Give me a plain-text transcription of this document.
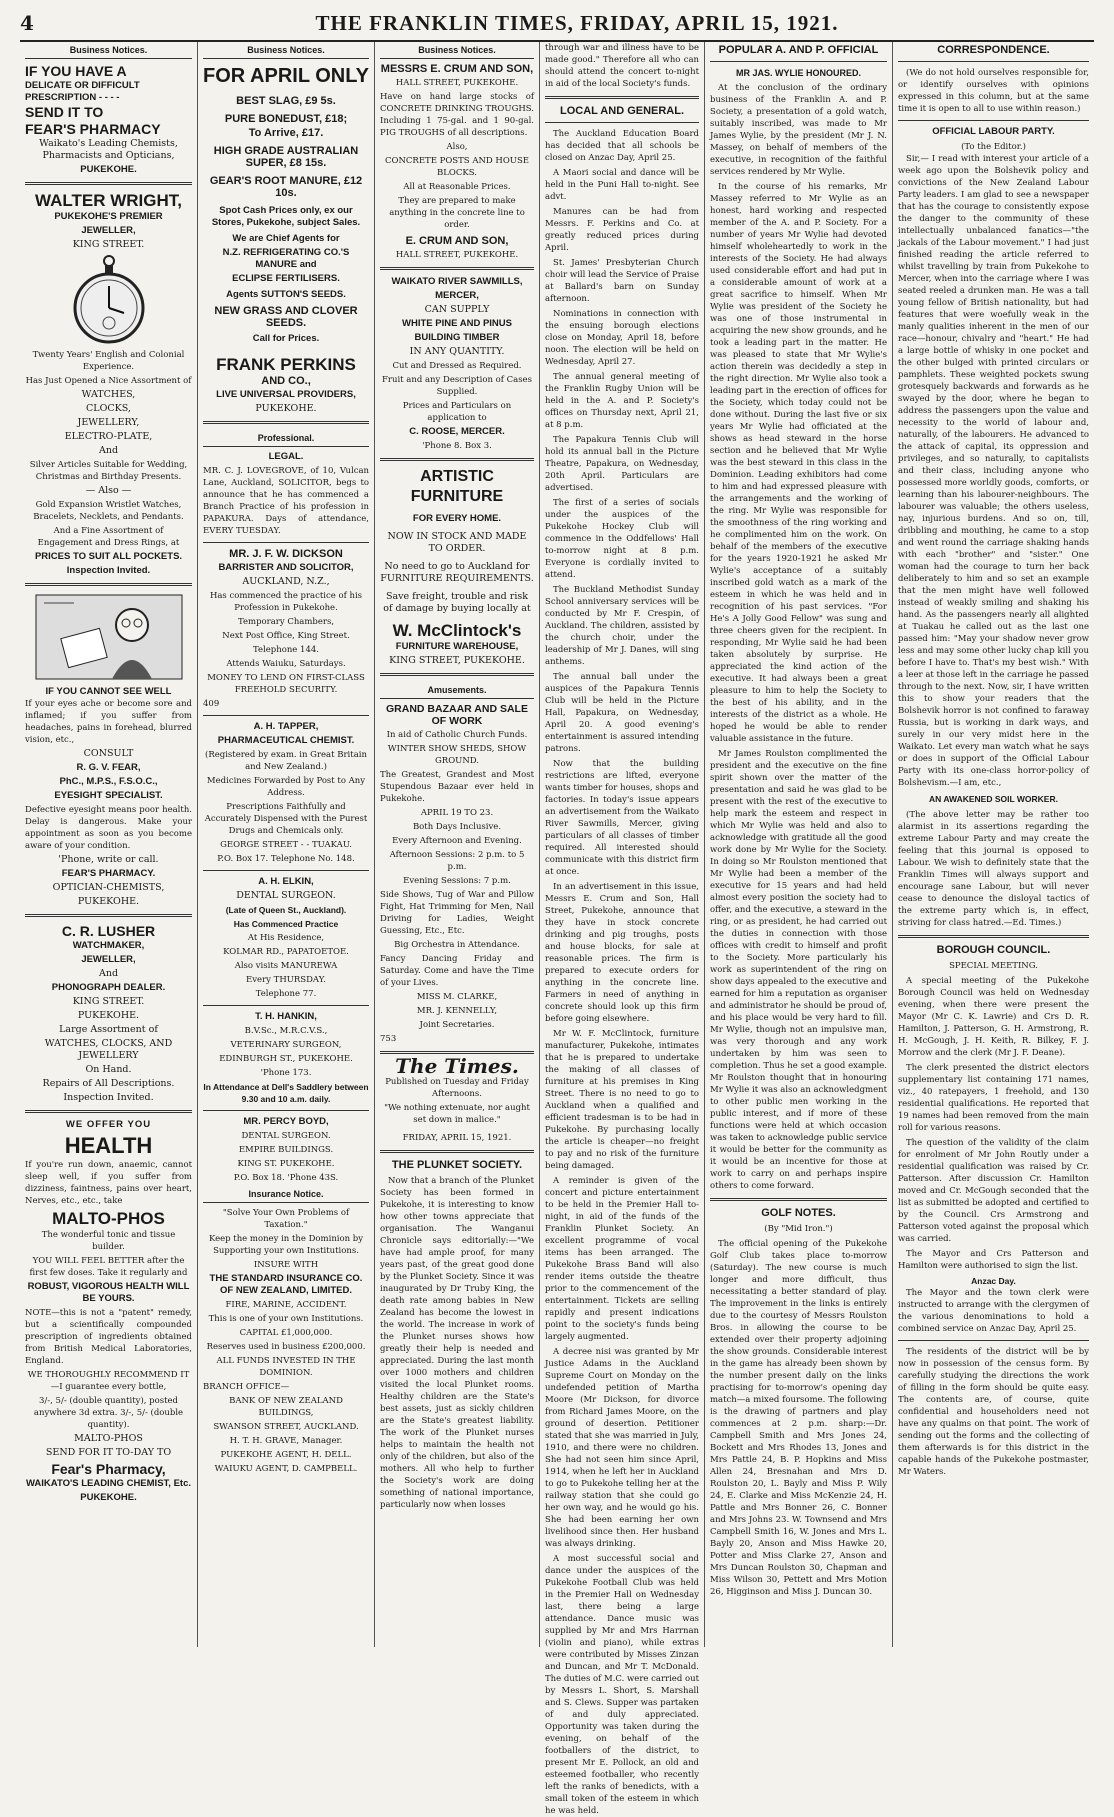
4	THE FRANKLIN TIMES, FRIDAY, APRIL 15, 1921.
Business Notices.
IF YOU HAVE A
DELICATE OR DIFFICULT
PRESCRIPTION - - - -
SEND IT TO
FEAR'S PHARMACY

Waikato's Leading Chemists, Pharmacists and Opticians,

PUKEKOHE.

WALTER WRIGHT,

PUKEKOHE'S PREMIER

JEWELLER,

KING STREET.

Twenty Years' English and Colonial Experience.

Has Just Opened a Nice Assortment of

WATCHES,

CLOCKS,

JEWELLERY,

ELECTRO-PLATE,

And

Silver Articles Suitable for Wedding, Christmas and Birthday Presents.

— Also —

Gold Expansion Wristlet Watches, Bracelets, Necklets, and Pendants.

And a Fine Assortment of Engagement and Dress Rings, at

PRICES TO SUIT ALL POCKETS.

Inspection Invited.

IF YOU CANNOT SEE WELL

If your eyes ache or become sore and inflamed; if you suffer from headaches, pains in forehead, blurred vision, etc.,

CONSULT

R. G. V. FEAR,

PhC., M.P.S., F.S.O.C.,

EYESIGHT SPECIALIST.

Defective eyesight means poor health. Delay is dangerous. Make your appointment as soon as you become aware of your condition.

'Phone, write or call.

FEAR'S PHARMACY.

OPTICIAN-CHEMISTS,

PUKEKOHE.

C. R. LUSHER

WATCHMAKER,

JEWELLER,

And

PHONOGRAPH DEALER.

KING STREET.

PUKEKOHE.

Large Assortment of

WATCHES, CLOCKS, AND JEWELLERY

On Hand.

Repairs of All Descriptions.

Inspection Invited.

WE OFFER YOU

HEALTH

If you're run down, anaemic, cannot sleep well, if you suffer from dizziness, faintness, pains over heart, Nerves, etc., etc., take

MALTO-PHOS

The wonderful tonic and tissue builder.

YOU WILL FEEL BETTER after the first few doses. Take it regularly and

ROBUST, VIGOROUS HEALTH WILL BE YOURS.

NOTE—this is not a "patent" remedy, but a scientifically compounded prescription of ingredients obtained from British Medical Laboratories, England.

WE THOROUGHLY RECOMMEND IT—I guarantee every bottle,

3/-, 5/- (double quantity), posted anywhere 3d extra. 3/-, 5/- (double quantity).

MALTO-PHOS

SEND FOR IT TO-DAY TO

Fear's Pharmacy,

WAIKATO'S LEADING CHEMIST, Etc.

PUKEKOHE.

Business Notices.
FOR APRIL ONLY

BEST SLAG, £9 5s.

PURE BONEDUST, £18;

To Arrive, £17.

HIGH GRADE AUSTRALIAN SUPER, £8 15s.

GEAR'S ROOT MANURE, £12 10s.

Spot Cash Prices only, ex our Stores, Pukekohe, subject Sales.

We are Chief Agents for

N.Z. REFRIGERATING CO.'S MANURE and

ECLIPSE FERTILISERS.

Agents SUTTON'S SEEDS.

NEW GRASS AND CLOVER SEEDS.

Call for Prices.

FRANK PERKINS

AND CO.,

LIVE UNIVERSAL PROVIDERS,

PUKEKOHE.

Professional.

LEGAL.

MR. C. J. LOVEGROVE, of 10, Vulcan Lane, Auckland, SOLICITOR, begs to announce that he has commenced a Branch Practice of his profession in PAPAKURA. Days of attendance, EVERY TUESDAY.

MR. J. F. W. DICKSON

BARRISTER AND SOLICITOR,

AUCKLAND, N.Z.,

Has commenced the practice of his Profession in Pukekohe.

Temporary Chambers,

Next Post Office, King Street.

Telephone 144.

Attends Waiuku, Saturdays.

MONEY TO LEND ON FIRST-CLASS FREEHOLD SECURITY.

409

A. H. TAPPER,

PHARMACEUTICAL CHEMIST.

(Registered by exam. in Great Britain and New Zealand.)

Medicines Forwarded by Post to Any Address.

Prescriptions Faithfully and Accurately Dispensed with the Purest Drugs and Chemicals only.

GEORGE STREET - - TUAKAU.

P.O. Box 17. Telephone No. 148.

A. H. ELKIN,

DENTAL SURGEON.

(Late of Queen St., Auckland).

Has Commenced Practice

At His Residence,

KOLMAR RD., PAPATOETOE.

Also visits MANUREWA

Every THURSDAY.

Telephone 77.

T. H. HANKIN,

B.V.Sc., M.R.C.V.S.,

VETERINARY SURGEON,

EDINBURGH ST., PUKEKOHE.

'Phone 173.

In Attendance at Dell's Saddlery between 9.30 and 10 a.m. daily.

MR. PERCY BOYD,

DENTAL SURGEON.

EMPIRE BUILDINGS.

KING ST. PUKEKOHE.

P.O. Box 18. 'Phone 43S.

Insurance Notice.

"Solve Your Own Problems of Taxation."

Keep the money in the Dominion by Supporting your own Institutions.

INSURE WITH

THE STANDARD INSURANCE CO. OF NEW ZEALAND, LIMITED.

FIRE, MARINE, ACCIDENT.

This is one of your own Institutions.

CAPITAL £1,000,000.

Reserves used in business £200,000.

ALL FUNDS INVESTED IN THE DOMINION.

BRANCH OFFICE—

BANK OF NEW ZEALAND BUILDINGS,

SWANSON STREET, AUCKLAND.

H. T. H. GRAVE, Manager.

PUKEKOHE AGENT, H. DELL.

WAIUKU AGENT, D. CAMPBELL.

Business Notices.

MESSRS E. CRUM AND SON,

HALL STREET, PUKEKOHE.

Have on hand large stocks of CONCRETE DRINKING TROUGHS. Including 1 75-gal. and 1 90-gal. PIG TROUGHS of all descriptions.

Also,

CONCRETE POSTS AND HOUSE BLOCKS.

All at Reasonable Prices.

They are prepared to make anything in the concrete line to order.

E. CRUM AND SON,

HALL STREET, PUKEKOHE.

WAIKATO RIVER SAWMILLS,

MERCER,

CAN SUPPLY

WHITE PINE AND PINUS

BUILDING TIMBER

IN ANY QUANTITY.

Cut and Dressed as Required.

Fruit and any Description of Cases Supplied.

Prices and Particulars on application to

C. ROOSE, MERCER.

'Phone 8. Box 3.

ARTISTIC FURNITURE

FOR EVERY HOME.

NOW IN STOCK AND MADE TO ORDER.

No need to go to Auckland for FURNITURE REQUIREMENTS.

Save freight, trouble and risk of damage by buying locally at

W. McClintock's

FURNITURE WAREHOUSE,

KING STREET, PUKEKOHE.

Amusements.

GRAND BAZAAR AND SALE OF WORK

In aid of Catholic Church Funds.

WINTER SHOW SHEDS, SHOW GROUND.

The Greatest, Grandest and Most Stupendous Bazaar ever held in Pukekohe.

APRIL 19 TO 23.

Both Days Inclusive.

Every Afternoon and Evening.

Afternoon Sessions: 2 p.m. to 5 p.m.

Evening Sessions: 7 p.m.

Side Shows, Tug of War and Pillow Fight, Hat Trimming for Men, Nail Driving for Ladies, Weight Guessing, Etc., Etc.

Big Orchestra in Attendance.

Fancy Dancing Friday and Saturday. Come and have the Time of your Lives.

MISS M. CLARKE,

MR. J. KENNELLY,

Joint Secretaries.

753

The Times.

Published on Tuesday and Friday Afternoons.

"We nothing extenuate, nor aught set down in malice."

FRIDAY, APRIL 15, 1921.

THE PLUNKET SOCIETY.

Now that a branch of the Plunket Society has been formed in Pukekohe, it is interesting to know how other towns appreciate that organisation. The Wanganui Chronicle says editorially:—"We have had ample proof, for many years past, of the great good done by the Plunket Society. Since it was inaugurated by Dr Truby King, the death rate among babies in New Zealand has become the lowest in the world. The increase in work of the Plunket nurses shows how greatly their help is needed and appreciated. During the last month over 1000 mothers and children visited the local Plunket rooms. Healthy children are the State's best assets, just as sickly children are the State's greatest liability. The work of the Plunket nurses helps to maintain the health not only of the children, but also of the mothers. All who help to further the Society's work are doing something of national importance, particularly now when losses

through war and illness have to be made good." Therefore all who can should attend the concert to-night in aid of the local Society's funds.

LOCAL AND GENERAL.

The Auckland Education Board has decided that all schools be closed on Anzac Day, April 25.

A Maori social and dance will be held in the Puni Hall to-night. See advt.

Manures can be had from Messrs. F. Perkins and Co. at greatly reduced prices during April.

St. James' Presbyterian Church choir will lead the Service of Praise at Ballard's barn on Sunday afternoon.

Nominations in connection with the ensuing borough elections close on Monday, April 18, before noon. The election will be held on Wednesday, April 27.

The annual general meeting of the Franklin Rugby Union will be held in the A. and P. Society's offices on Thursday next, April 21, at 8 p.m.

The Papakura Tennis Club will hold its annual ball in the Picture Theatre, Papakura, on Wednesday, 20th April. Particulars are advertised.

The first of a series of socials under the auspices of the Pukekohe Hockey Club will commence in the Oddfellows' Hall to-morrow night at 8 p.m. Everyone is cordially invited to attend.

The Buckland Methodist Sunday School anniversary services will be conducted by Mr F. Crespin, of Auckland. The children, assisted by the church choir, under the leadership of Mr J. Danes, will sing anthems.

The annual ball under the auspices of the Papakura Tennis Club will be held in the Picture Hall, Papakura, on Wednesday, April 20. A good evening's entertainment is assured intending patrons.

Now that the building restrictions are lifted, everyone wants timber for houses, shops and factories. In today's issue appears an advertisement from the Waikato River Sawmills, Mercer, giving particulars of all classes of timber required. All interested should communicate with this district firm at once.

In an advertisement in this issue, Messrs E. Crum and Son, Hall Street, Pukekohe, announce that they have in stock concrete drinking and pig troughs, posts and house blocks, for sale at reasonable prices. The firm is prepared to execute orders for anything in the concrete line. Farmers in need of anything in concrete should look up this firm before going elsewhere.

Mr W. F. McClintock, furniture manufacturer, Pukekohe, intimates that he is prepared to undertake the making of all classes of furniture at his premises in King Street. There is no need to go to Auckland when a qualified and efficient tradesman is to be had in Pukekohe. By purchasing locally the article is cheaper—no freight to pay and no risk of the furniture being damaged.

A reminder is given of the concert and picture entertainment to be held in the Premier Hall to-night, in aid of the funds of the Franklin Plunket Society. An excellent programme of vocal items has been arranged. The Pukekohe Brass Band will also render items outside the theatre prior to the commencement of the entertainment. Tickets are selling rapidly and present indications point to the society's funds being largely augmented.

A decree nisi was granted by Mr Justice Adams in the Auckland Supreme Court on Monday on the undefended petition of Martha Moore (Mr Dickson, for divorce from Richard James Moore, on the ground of desertion. Petitioner stated that she was married in July, 1910, and there were no children. She had not seen him since April, 1914, when he left her in Auckland to go to Pukekohe telling her at the railway station that she could go her own way, and he would go his. She had been earning her own livelihood since then. Her husband was always drinking.

A most successful social and dance under the auspices of the Pukekohe Football Club was held in the Premier Hall on Wednesday last, there being a large attendance. Dance music was supplied by Mr and Mrs Harrnan (violin and piano), while extras were contributed by Misses Zinzan and Duncan, and Mr T. McDonald. The duties of M.C. were carried out by Messrs L. Short, S. Marshall and S. Clews. Supper was partaken of and duly appreciated. Opportunity was taken during the evening, on behalf of the footballers of the district, to present Mr E. Pollock, an old and esteemed footballer, who recently left the ranks of benedicts, with a small token of the esteem in which he was held.

POPULAR A. AND P. OFFICIAL
MR JAS. WYLIE HONOURED.

At the conclusion of the ordinary business of the Franklin A. and P. Society, a presentation of a gold watch, suitably inscribed, was made to Mr James Wylie, by the president (Mr J. N. Massey, on behalf of members of the executive, in recognition of the faithful services rendered by Mr Wylie.

In the course of his remarks, Mr Massey referred to Mr Wylie as an honest, hard working and respected member of the A. and P. Society. For a number of years Mr Wylie had devoted himself wholeheartedly to work in the interests of the Society. He had always used considerable effort and had put in a considerable amount of work at a great sacrifice to himself. When Mr Wylie was president of the Society he was one of those instrumental in acquiring the new show grounds, and he took a leading part in the matter. He was pleased to state that Mr Wylie's action therein was decidedly a step in the right direction. Mr Wylie also took a leading part in the erection of offices for the Society, which today could not be done without. During the last five or six years Mr Wylie had officiated at the shows as head steward in the horse section and he believed that Mr Wylie was the best steward in this class in the Dominion. Leading exhibitors had come to him and had expressed pleasure with the arrangements and the working of the ring. Mr Wylie was responsible for the smoothness of the ring working and he complimented him on the work. On behalf of the members of the executive for the years 1920-1921 he asked Mr Wylie's acceptance of a suitably inscribed gold watch as a mark of the esteem in which he was held and in recognition of his past services. "For He's A Jolly Good Fellow" was sung and three cheers given for the recipient. In responding, Mr Wylie said he had been taken absolutely by surprise. He appreciated the kind action of the executive. It had always been a great pleasure to him to help the Society to the best of his ability, and in the interests of the district as a whole. He hoped he would be able to render valuable assistance in the future.

Mr James Roulston complimented the president and the executive on the fine spirit shown over the matter of the presentation and said he was glad to be present with the rest of the executive to help mark the esteem and respect in which Mr Wylie was held and also to acknowledge with gratitude all the good work done by Mr Wylie for the Society. In doing so Mr Roulston mentioned that Mr Wylie had been a member of the executive for 15 years and had held almost every position the society had to offer, and the executive, a steward in the ring, or as president, he had carried out the duties in connection with those offices with credit to himself and profit to the Society. More particularly his work as superintendent of the ring on show days appealed to the executive and earned for him a reputation as organiser and administrator he should be proud of, and his place would be very hard to fill. Mr Wylie, though not an impulsive man, was very thorough and any work undertaken by him was seen to completion. Thus he set a good example. Mr Roulston thought that in honouring Mr Wylie it was also an acknowledgment to other public men working in the public interest, and if more of these functions were held at which occasion was taken to acknowledge public service it would be better for the community as it would be an incentive for those at work to carry on and perhaps inspire others to come forward.

GOLF NOTES.
(By "Mid Iron.")

The official opening of the Pukekohe Golf Club takes place to-morrow (Saturday). The new course is much longer and more difficult, thus necessitating a better standard of play. The improvement in the links is entirely due to the courtesy of Messrs Roulston Bros. in allowing the course to be extended over their property adjoining the show grounds. Considerable interest in the game has already been shown by the number present daily on the links practising for to-morrow's opening day match—a mixed foursome. The following is the drawing of partners and play commences at 2 p.m. sharp:—Dr. Campbell Smith and Mrs Jones 24, Bockett and Mrs Rhodes 13, Jones and Mrs Pattle 24, B. P. Hopkins and Miss Allen 24, Bresnahan and Mrs D. Roulston 20, L. Bayly and Miss P. Wily 24, E. Clarke and Miss McKenzie 24, H. Pattle and Mrs Bonner 26, C. Bonner and Mrs Johns 23. W. Townsend and Mrs Campbell Smith 16, W. Jones and Mrs L. Bayly 20, Anson and Miss Hawke 20, Potter and Miss Clarke 27, Anson and Mrs Duncan Roulston 30, Chapman and Miss Wilson 30, Pettett and Mrs Motion 26, Higginson and Miss J. Duncan 30.

CORRESPONDENCE.

(We do not hold ourselves responsible for, or identify ourselves with opinions expressed in this column, but at the same time it is open to all to use within reason.)

OFFICIAL LABOUR PARTY.
(To the Editor.)

Sir,— I read with interest your article of a week ago upon the Bolshevik policy and convictions of the New Zealand Labour Party leaders. I am glad to see a newspaper that has the courage to consistently expose the danger to the community of these intellectually unbalanced fanatics—"the jackals of the Labour movement." I had just finished reading the article referred to whilst travelling by train from Pukekohe to Mercer, when into the carriage where I was seated reeled a drunken man. He was a tall young fellow of British nationality, but had features that were woefully weak in the manly qualities inherent in the men of our race—honour, chivalry and "heart." He had a large bottle of whisky in one pocket and the other bulged with printed circulars or pamphlets. These weighted pockets swung grotesquely backwards and forwards as he swayed by the door, where he began to address the passengers upon the value and necessity to the world of labour and, naturally, of the labourers. He advanced to the attack of capital, its oppression and privileges, and so naturally, to capitalists and their class, including anyone who possessed more worldly goods, comforts, or learning than his labourer-neighbours. The labourer was valuable; the others useless, nay, injurious burdens. And so on, till, dribbling and mouthing, he came to a stop and went round the carriage shaking hands with each "brother" and "sister." One woman had the courage to turn her back deliberately to him and so set an example that the men might have well followed instead of weakly smiling and shaking his hand. As the passengers nearly all alighted at Tuakau he called out as the last one passed him: "May your shadow never grow less and may some other lucky chap kill you before I have to. That's my best wish." With a leer at those left in the carriage he passed through to the next. Now, sir, I have written this to show your readers that the Bolshevik horror is not confined to faraway Russia, but is working in dark ways, and surely in our very midst here in the Waikato. Let every man watch what he says or does in support of the Official Labour Party with its one-class horror-policy of Bolshevism.—I am, etc.,

AN AWAKENED SOIL WORKER.

(The above letter may be rather too alarmist in its assertions regarding the extreme Labour Party and may create the feeling that this journal is opposed to Labour. We wish to definitely state that the Franklin Times will always support and encourage sane Labour, but will never cease to denounce the disloyal tactics of the extreme party which is, in effect, striving for class hatred.—Ed. Times.)

BOROUGH COUNCIL.
SPECIAL MEETING.

A special meeting of the Pukekohe Borough Council was held on Wednesday evening, when there were present the Mayor (Mr C. K. Lawrie) and Crs D. R. Hamilton, J. Patterson, G. H. Armstrong, R. H. McGough, J. H. Keith, R. Bilkey, F. J. Morrow and the clerk (Mr J. F. Deane).

The clerk presented the district electors supplementary list containing 171 names, viz., 40 ratepayers, 1 freehold, and 130 residential qualifications. He reported that 19 names had been removed from the main roll for various reasons.

The question of the validity of the claim for enrolment of Mr John Routly under a residential qualification was raised by Cr. Patterson. After discussion Cr. Hamilton moved and Cr. McGough seconded that the list as submitted be adopted and certified to by the Council. Crs Armstrong and Patterson voted against the proposal which was carried.

The Mayor and Crs Patterson and Hamilton were authorised to sign the list.

Anzac Day.

The Mayor and the town clerk were instructed to arrange with the clergymen of the various denominations to hold a combined service on Anzac Day, April 25.

The residents of the district will be by now in possession of the census form. By carefully studying the directions the work of filling in the form should be quite easy. The contents are, of course, quite confidential and householders need not have any qualms on that point. The work of sending out the forms and the collecting of them afterwards is for this district in the capable hands of the Pukekohe postmaster, Mr Waters.
